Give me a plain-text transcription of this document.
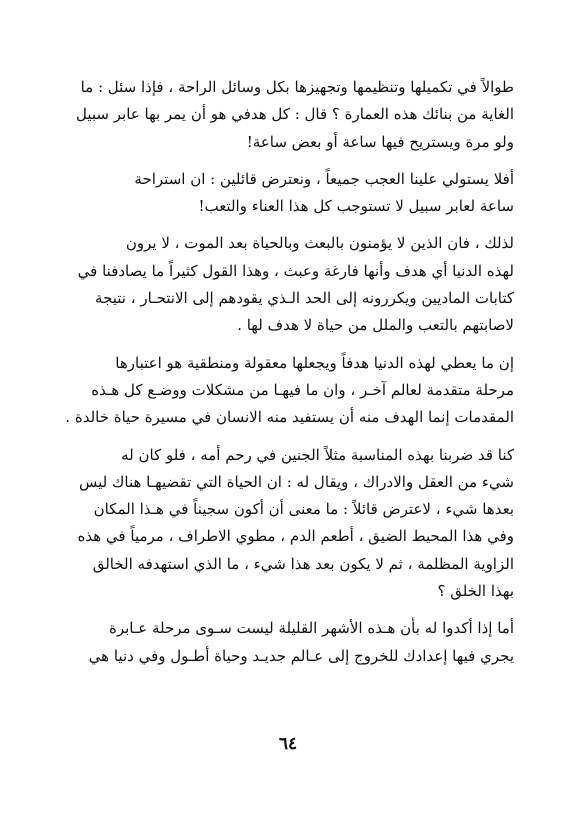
طوالاً في تكميلها وتنظيمها وتجهيزها بكل وسائل الراحة ، فإذا سئل : ما
الغاية من بنائك هذه العمارة ؟ قال : كل هدفي هو أن يمر بها عابر سبيل
ولو مرة ويستريح فيها ساعة أو بعض ساعة!

أفلا يستولي علينا العجب جميعاً ، ونعترض قائلين : ان استراحة
ساعة لعابر سبيل لا تستوجب كل هذا العناء والتعب!

لذلك ، فان الذين لا يؤمنون بالبعث وبالحياة بعد الموت ، لا يرون
لهذه الدنيا أي هدف وأنها فارغة وعبث ، وهذا القول كثيراً ما يصادفنا في
كتابات الماديين ويكررونه إلى الحد الـذي يقودهم إلى الانتحـار ، نتيجة
لاصابتهم بالتعب والملل من حياة لا هدف لها .

إن ما يعطي لهذه الدنيا هدفاً ويجعلها معقولة ومنطقية هو اعتبارها
مرحلة متقدمة لعالم آخـر ، وان ما فيهـا من مشكلات ووضـع كل هـذه
المقدمات إنما الهدف منه أن يستفيد منه الانسان في مسيرة حياة خالدة .

كنا قد ضربنا بهذه المناسبة مثلاً الجنين في رحم أمه ، فلو كان له
شيء من العقل والادراك ، ويقال له : ان الحياة التي تقضيهـا هناك ليس
بعدها شيء ، لاعترض قائلاً : ما معنى أن أكون سجيناً في هـذا المكان
وفي هذا المحيط الضيق ، أطعم الدم ، مطوي الاطراف ، مرمياً في هذه
الزاوية المظلمة ، ثم لا يكون بعد هذا شيء ، ما الذي استهدفه الخالق
بهذا الخلق ؟

أما إذا أكدوا له بأن هـذه الأشهر القليلة ليست سـوى مرحلة عـابرة
يجري فيها إعدادك للخروج إلى عـالم جديـد وحياة أطـول وفي دنيا هي

٦٤
